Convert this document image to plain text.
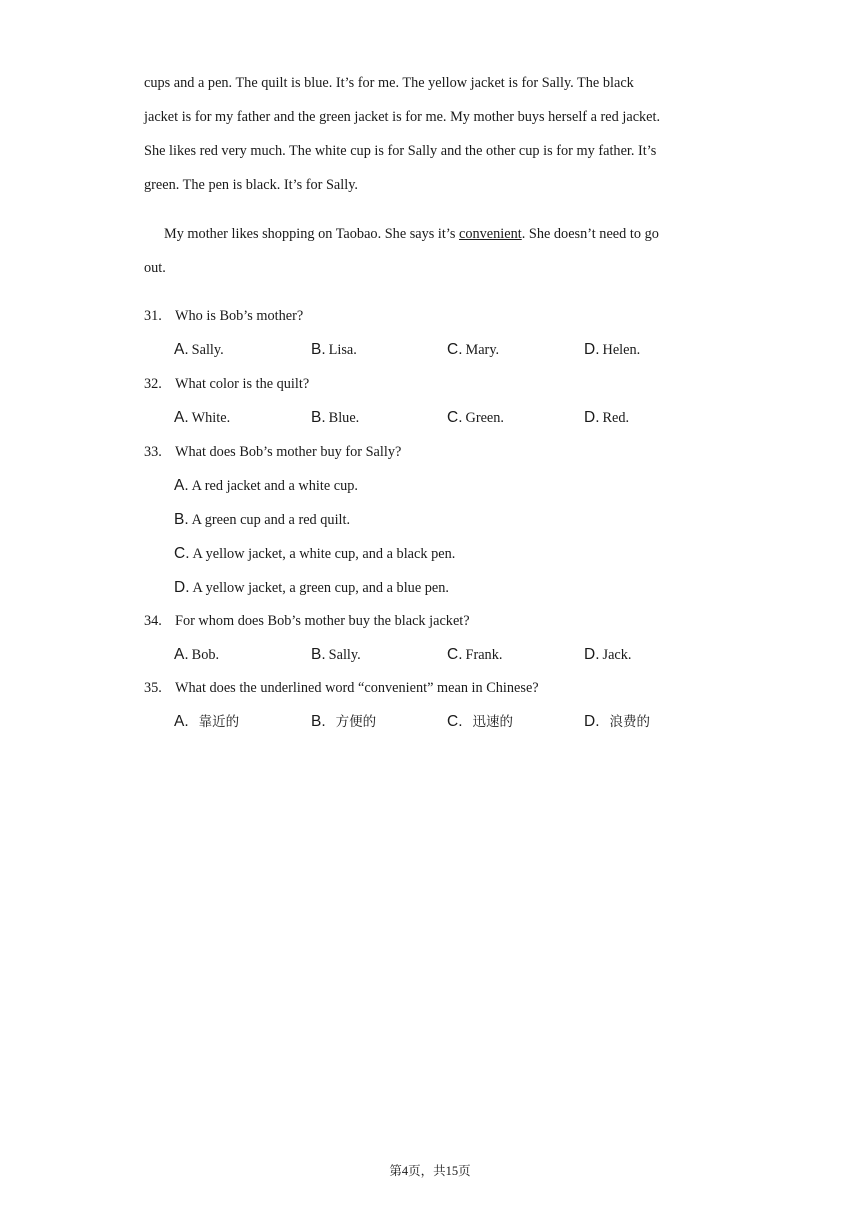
cups and a pen. The quilt is blue. It’s for me. The yellow jacket is for Sally. The black
jacket is for my father and the green jacket is for me. My mother buys herself a red jacket.
She likes red very much. The white cup is for Sally and the other cup is for my father. It’s
green. The pen is black. It’s for Sally.
My mother likes shopping on Taobao. She says it’s convenient. She doesn’t need to go
out.
31. Who is Bob’s mother?
A. Sally.	B. Lisa.	C. Mary.	D. Helen.
32. What color is the quilt?
A. White.	B. Blue.	C. Green.	D. Red.
33. What does Bob’s mother buy for Sally?
A. A red jacket and a white cup.
B. A green cup and a red quilt.
C. A yellow jacket, a white cup, and a black pen.
D. A yellow jacket, a green cup, and a blue pen.
34. For whom does Bob’s mother buy the black jacket?
A. Bob.	B. Sally.	C. Frank.	D. Jack.
35. What does the underlined word “convenient” mean in Chinese?
A. 靠近的	B. 方便的	C. 迅速的	D. 浪费的
第4页，共15页
